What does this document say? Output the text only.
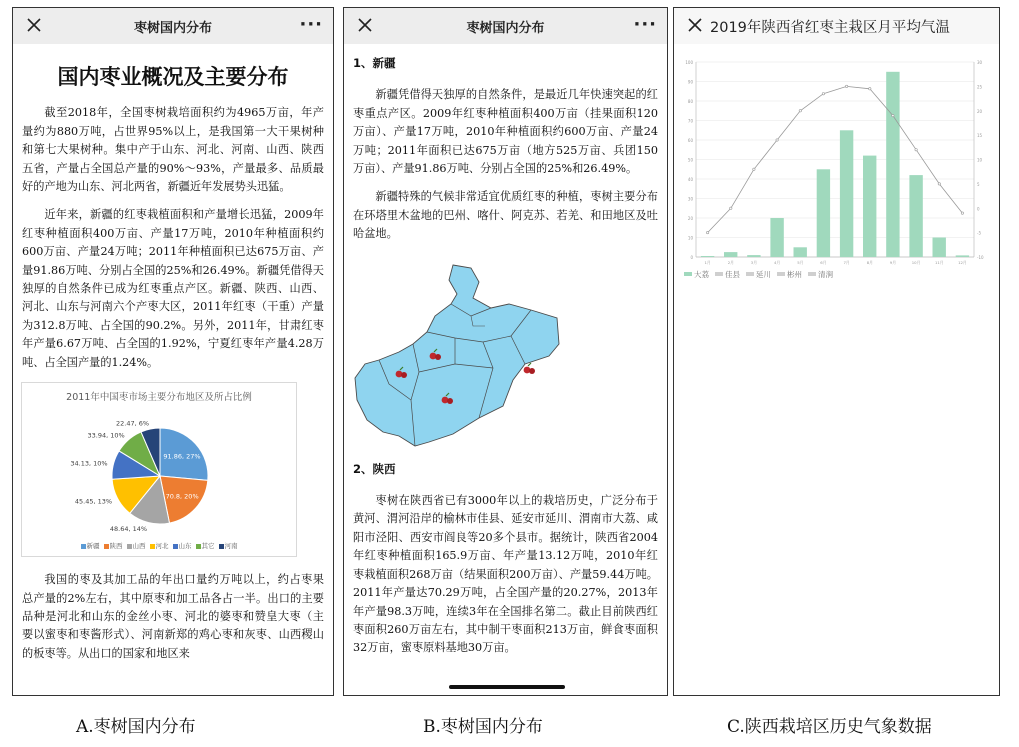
枣树国内分布	···
国内枣业概况及主要分布

截至2018年，全国枣树栽培面积约为4965万亩，年产量约为880万吨，占世界95%以上，是我国第一大干果树种和第七大果树种。集中产于山东、河北、河南、山西、陕西五省，产量占全国总产量的90%～93%，产量最多、品质最好的产地为山东、河北两省，新疆近年发展势头迅猛。

近年来，新疆的红枣栽植面积和产量增长迅猛，2009年红枣种植面积400万亩、产量17万吨，2010年种植面积约600万亩、产量24万吨；2011年种植面积已达675万亩、产量91.86万吨、分别占全国的25%和26.49%。新疆凭借得天独厚的自然条件已成为红枣重点产区。新疆、陕西、山西、河北、山东与河南六个产枣大区，2011年红枣（干重）产量为312.8万吨、占全国的90.2%。另外，2011年，甘肃红枣年产量6.67万吨、占全国的1.92%，宁夏红枣年产量4.28万吨、占全国产量的1.24%。

2011年中国枣市场主要分布地区及所占比例
91.86, 27%
70.8, 20%
48.64, 14%
45.45, 13%
34.13, 10%
33.94, 10%
22.47, 6%
新疆 陕西 山西 河北 山东 其它 河南

我国的枣及其加工品的年出口量约万吨以上，约占枣果总产量的2%左右，其中原枣和加工品各占一半。出口的主要品种是河北和山东的金丝小枣、河北的婆枣和赞皇大枣（主要以蜜枣和枣酱形式）、河南新郑的鸡心枣和灰枣、山西稷山的板枣等。从出口的国家和地区来

枣树国内分布	···
1、新疆

新疆凭借得天独厚的自然条件，是最近几年快速突起的红枣重点产区。2009年红枣种植面积400万亩（挂果面积120万亩）、产量17万吨，2010年种植面积约600万亩、产量24万吨；2011年面积已达675万亩（地方525万亩、兵团150万亩）、产量91.86万吨、分别占全国的25%和26.49%。

新疆特殊的气候非常适宜优质红枣的种植，枣树主要分布在环塔里木盆地的巴州、喀什、阿克苏、若羌、和田地区及吐哈盆地。

2、陕西

枣树在陕西省已有3000年以上的栽培历史，广泛分布于黄河、渭河沿岸的榆林市佳县、延安市延川、渭南市大荔、咸阳市泾阳、西安市阎良等20多个县市。据统计，陕西省2004年红枣种植面积165.9万亩、年产量13.12万吨，2010年红枣栽植面积268万亩（结果面积200万亩）、产量59.44万吨。2011年产量达70.29万吨，占全国产量的20.27%，2013年年产量98.3万吨，连续3年在全国排名第二。截止目前陕西红枣面积260万亩左右，其中制干枣面积213万亩，鲜食枣面积32万亩，蜜枣原料基地30万亩。

2019年陕西省红枣主栽区月平均气温
0
10
20
30
40
50
60
70
80
90
100
-10
-5
0
5
10
15
20
25
30
1月	2月	3月	4月	5月	6月	7月	8月	9月	10月	11月	12月
大荔 佳县 延川 彬州 清涧
A.枣树国内分布	B.枣树国内分布	C.陕西栽培区历史气象数据
